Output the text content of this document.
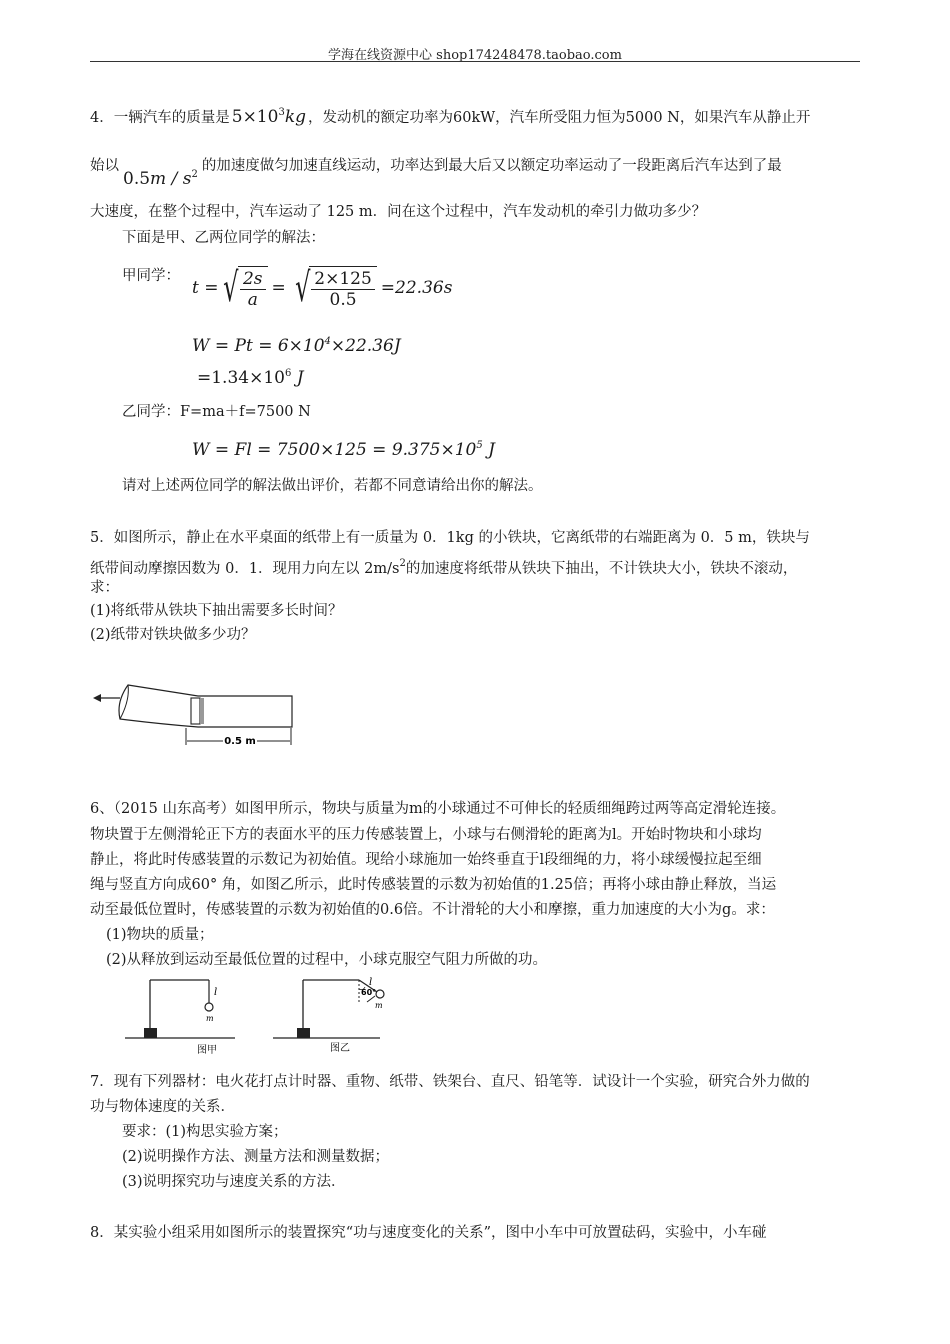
学海在线资源中心 shop174248478.taobao.com
4．一辆汽车的质量是 $5\times 10^3kg$ ，发动机的额定功率为60kW，汽车所受阻力恒为5000 N，如果汽车从静止开
始以$0.5m / s^2$的加速度做匀加速直线运动，功率达到最大后又以额定功率运动了一段距离后汽车达到了最
大速度，在整个过程中，汽车运动了 125 m．问在这个过程中，汽车发动机的牵引力做功多少？
下面是甲、乙两位同学的解法：
甲同学：
t = √ $\frac{2s}{a}$ = √ $\frac{2\times 125}{0.5} =22.36s$
$W = Pt = 6\times 10^4\times 22.36J$
$=1.34\times 10^6$ J
乙同学：F=ma＋f=7500 N
$W = Fl = 7500\times 125 = 9.375\times 10^5$ J
请对上述两位同学的解法做出评价，若都不同意请给出你的解法。
5．如图所示，静止在水平桌面的纸带上有一质量为 0．1kg 的小铁块，它离纸带的右端距离为 0．5 m，铁块与
纸带间动摩擦因数为 0．1．现用力向左以 $2m/s^2$的加速度将纸带从铁块下抽出，不计铁块大小，铁块不滚动，
求：
(1)将纸带从铁块下抽出需要多长时间？
(2)纸带对铁块做多少功？
0.5 m
6、（2015 山东高考）如图甲所示，物块与质量为m的小球通过不可伸长的轻质细绳跨过两等高定滑轮连接。
物块置于左侧滑轮正下方的表面水平的压力传感装置上，小球与右侧滑轮的距离为l。开始时物块和小球均
静止，将此时传感装置的示数记为初始值。现给小球施加一始终垂直于l段细绳的力，将小球缓慢拉起至细
绳与竖直方向成60° 角，如图乙所示，此时传感装置的示数为初始值的1.25倍；再将小球由静止释放，当运
动至最低位置时，传感装置的示数为初始值的0.6倍。不计滑轮的大小和摩擦，重力加速度的大小为g。求：
(1)物块的质量；
(2)从释放到运动至最低位置的过程中，小球克服空气阻力所做的功。
l
m
图甲
60°
l
m
图乙
7．现有下列器材：电火花打点计时器、重物、纸带、铁架台、直尺、铅笔等．试设计一个实验，研究合外力做的
功与物体速度的关系．
要求：(1)构思实验方案；
(2)说明操作方法、测量方法和测量数据；
(3)说明探究功与速度关系的方法．
8．某实验小组采用如图所示的装置探究“功与速度变化的关系”，图中小车中可放置砝码，实验中，小车碰
